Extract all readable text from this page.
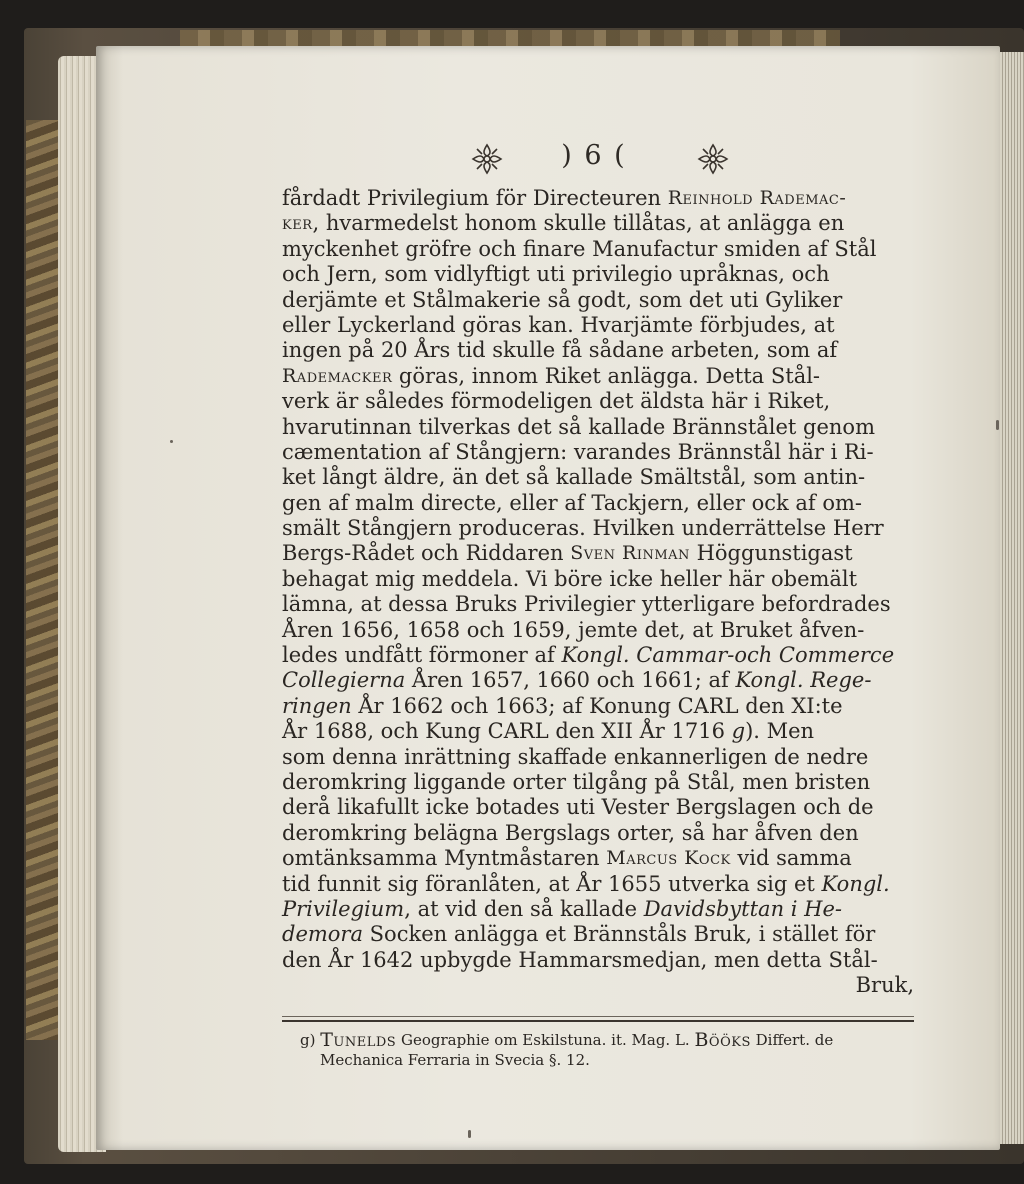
) 6 (
fårdadt Privilegium för Directeuren Reinhold Rademac-
ker , hvarmedelst honom skulle tillåtas, at anlägga en
myckenhet gröfre och finare Manufactur smiden af Stål
och Jern, som vidlyftigt uti privilegio upråknas, och
derjämte et Stålmakerie så godt, som det uti Gyliker
eller Lyckerland göras kan. Hvarjämte förbjudes, at
ingen på 20 Års tid skulle få sådane arbeten, som af
Rademacker göras, innom Riket anlägga. Detta Stål-
verk är således förmodeligen det äldsta här i Riket,
hvarutinnan tilverkas det så kallade Brännstålet genom
cæmentation af Stångjern: varandes Brännstål här i Ri-
ket långt äldre, än det så kallade Smältstål, som antin-
gen af malm directe, eller af Tackjern, eller ock af om-
smält Stångjern produceras. Hvilken underrättelse Herr
Bergs-Rådet och Riddaren Sven Rinman Höggunstigast
behagat mig meddela. Vi böre icke heller här obemält
lämna, at dessa Bruks Privilegier ytterligare befordrades
Åren 1656, 1658 och 1659, jemte det, at Bruket åfven-
ledes undfått förmoner af Kongl. Cammar-och Commerce
Collegierna Åren 1657, 1660 och 1661; af Kongl. Rege-
ringen År 1662 och 1663; af Konung CARL den XI:te
År 1688, och Kung CARL den XII År 1716 g ). Men
som denna inrättning skaffade enkannerligen de nedre
deromkring liggande orter tilgång på Stål, men bristen
derå likafullt icke botades uti Vester Bergslagen och de
deromkring belägna Bergslags orter, så har åfven den
omtänksamma Myntmåstaren Marcus Kock vid samma
tid funnit sig föranlåten, at År 1655 utverka sig et Kongl.
Privilegium , at vid den så kallade Davidsbyttan i He-
demora Socken anlägga et Brännståls Bruk, i stället för
den År 1642 upbygde Hammarsmedjan, men detta Stål-
Bruk,
g) Tunelds Geographie om Eskilstuna. it. Mag. L. Bööks Differt. de
Mechanica Ferraria in Svecia §. 12.
